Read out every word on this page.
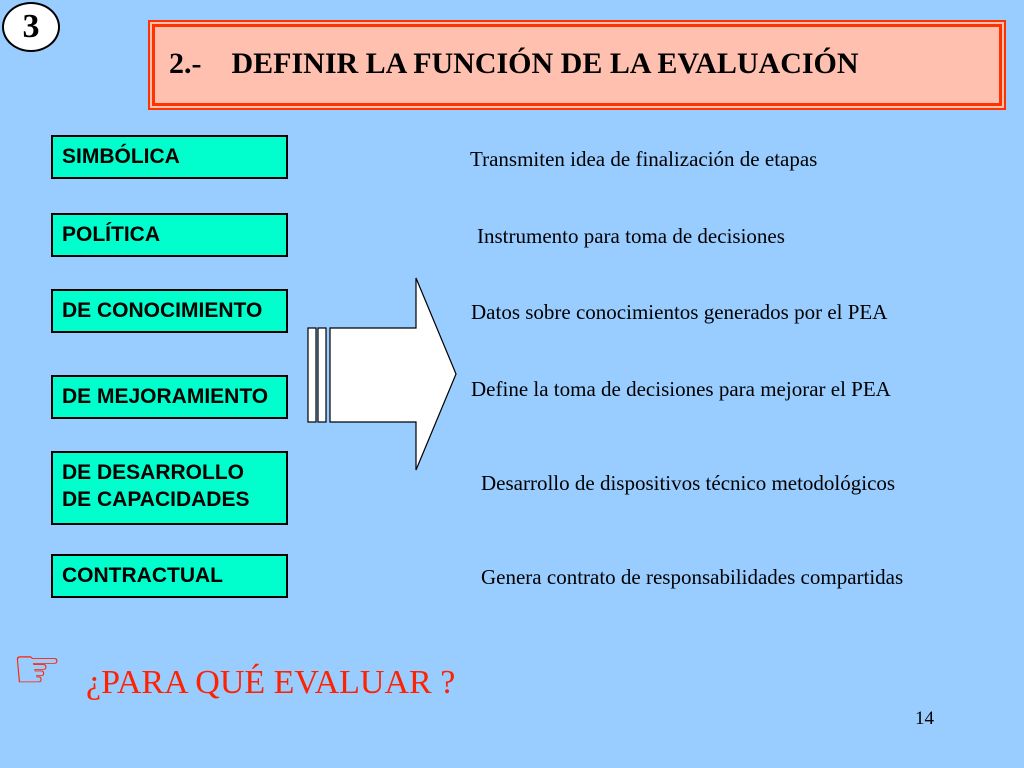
3

2.-    DEFINIR LA FUNCIÓN DE LA EVALUACIÓN

SIMBÓLICA
POLÍTICA
DE CONOCIMIENTO
DE MEJORAMIENTO
DE DESARROLLO DE CAPACIDADES
CONTRACTUAL

Transmiten idea de finalización de etapas

Instrumento para toma de decisiones

Datos sobre conocimientos generados por el PEA

Define la toma de decisiones para mejorar el PEA

Desarrollo de dispositivos técnico metodológicos

Genera contrato de responsabilidades compartidas

☞ ¿PARA QUÉ EVALUAR ?

14
